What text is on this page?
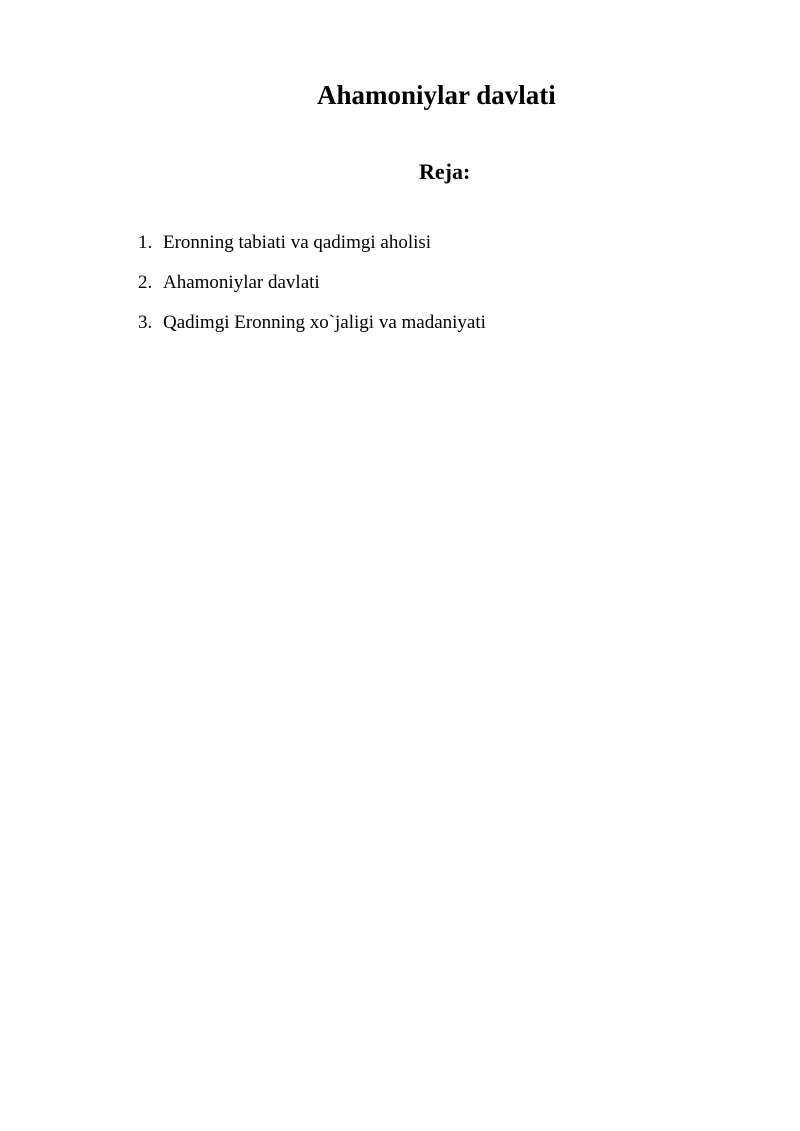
Ahamoniylar davlati
Reja:
1. Eronning tabiati va qadimgi aholisi
2. Ahamoniylar davlati
3. Qadimgi Eronning xo`jaligi va madaniyati
